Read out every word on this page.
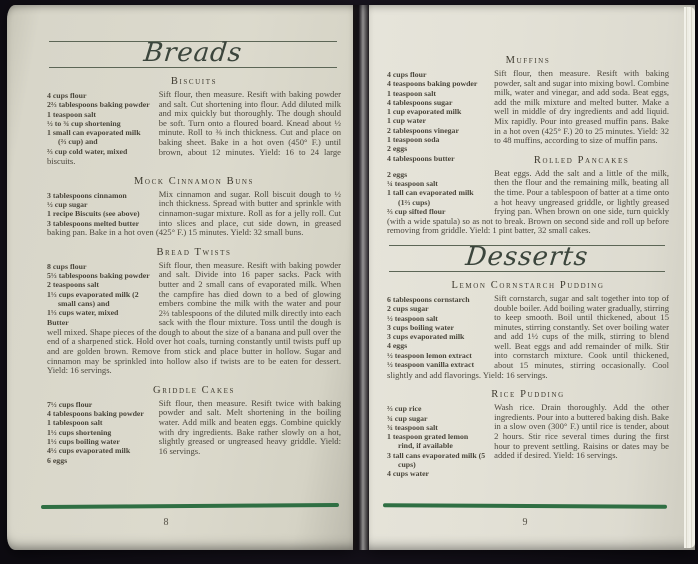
Breads
Biscuits
4 cups flour
2⅔ tablespoons baking powder
1 teaspoon salt
½ to ¾ cup shortening
1 small can evaporated milk (⅔ cup) and
⅔ cup cold water, mixed

Sift flour, then measure. Resift with baking powder and salt. Cut shortening into flour. Add diluted milk and mix quickly but thoroughly. The dough should be soft. Turn onto a floured board. Knead about ½ minute. Roll to ⅜ inch thickness. Cut and place on baking sheet. Bake in a hot oven (450° F.) until brown, about 12 minutes. Yield: 16 to 24 large biscuits.

Mock Cinnamon Buns
3 tablespoons cinnamon
½ cup sugar
1 recipe Biscuits (see above)
3 tablespoons melted butter

Mix cinnamon and sugar. Roll biscuit dough to ½ inch thickness. Spread with butter and sprinkle with cinnamon-sugar mixture. Roll as for a jelly roll. Cut into slices and place, cut side down, in greased baking pan. Bake in a hot oven (425° F.) 15 minutes. Yield: 32 small buns.

Bread Twists
8 cups flour
5⅓ tablespoons baking powder
2 teaspoons salt
1⅓ cups evaporated milk (2 small cans) and
1⅓ cups water, mixed
Butter

Sift flour, then measure. Resift with baking powder and salt. Divide into 16 paper sacks. Pack with butter and 2 small cans of evaporated milk. When the campfire has died down to a bed of glowing embers combine the milk with the water and pour 2⅔ tablespoons of the diluted milk directly into each sack with the flour mixture. Toss until the dough is well mixed. Shape pieces of the dough to about the size of a banana and pull over the end of a sharpened stick. Hold over hot coals, turning constantly until twists puff up and are golden brown. Remove from stick and place butter in hollow. Sugar and cinnamon may be sprinkled into hollow also if twists are to be eaten for dessert. Yield: 16 servings.

Griddle Cakes
7½ cups flour
4 tablespoons baking powder
1 tablespoon salt
1½ cups shortening
1½ cups boiling water
4½ cups evaporated milk
6 eggs

Sift flour, then measure. Resift twice with baking powder and salt. Melt shortening in the boiling water. Add milk and beaten eggs. Combine quickly with dry ingredients. Bake rather slowly on a hot, slightly greased or ungreased heavy griddle. Yield: 16 servings.

8
Muffins
4 cups flour
4 teaspoons baking powder
1 teaspoon salt
4 tablespoons sugar
1 cup evaporated milk
1 cup water
2 tablespoons vinegar
1 teaspoon soda
2 eggs
4 tablespoons butter

Sift flour, then measure. Resift with baking powder, salt and sugar into mixing bowl. Combine milk, water and vinegar, and add soda. Beat eggs, add the milk mixture and melted butter. Make a well in middle of dry ingredients and add liquid. Mix rapidly. Pour into greased muffin pans. Bake in a hot oven (425° F.) 20 to 25 minutes. Yield: 32 to 48 muffins, according to size of muffin pans.

Rolled Pancakes
2 eggs
¼ teaspoon salt
1 tall can evaporated milk (1⅔ cups)
⅔ cup sifted flour

Beat eggs. Add the salt and a little of the milk, then the flour and the remaining milk, beating all the time. Pour a tablespoon of batter at a time onto a hot heavy ungreased griddle, or lightly greased frying pan. When brown on one side, turn quickly (with a wide spatula) so as not to break. Brown on second side and roll up before removing from griddle. Yield: 1 pint batter, 32 small cakes.

Desserts
Lemon Cornstarch Pudding
6 tablespoons cornstarch
2 cups sugar
½ teaspoon salt
3 cups boiling water
3 cups evaporated milk
4 eggs
½ teaspoon lemon extract
½ teaspoon vanilla extract

Sift cornstarch, sugar and salt together into top of double boiler. Add boiling water gradually, stirring to keep smooth. Boil until thickened, about 15 minutes, stirring constantly. Set over boiling water and add 1½ cups of the milk, stirring to blend well. Beat eggs and add remainder of milk. Stir into cornstarch mixture. Cook until thickened, about 15 minutes, stirring occasionally. Cool slightly and add flavorings. Yield: 16 servings.

Rice Pudding
⅔ cup rice
¾ cup sugar
¾ teaspoon salt
1 teaspoon grated lemon rind, if available
3 tall cans evaporated milk (5 cups)
4 cups water

Wash rice. Drain thoroughly. Add the other ingredients. Pour into a buttered baking dish. Bake in a slow oven (300° F.) until rice is tender, about 2 hours. Stir rice several times during the first hour to prevent settling. Raisins or dates may be added if desired. Yield: 16 servings.

9
